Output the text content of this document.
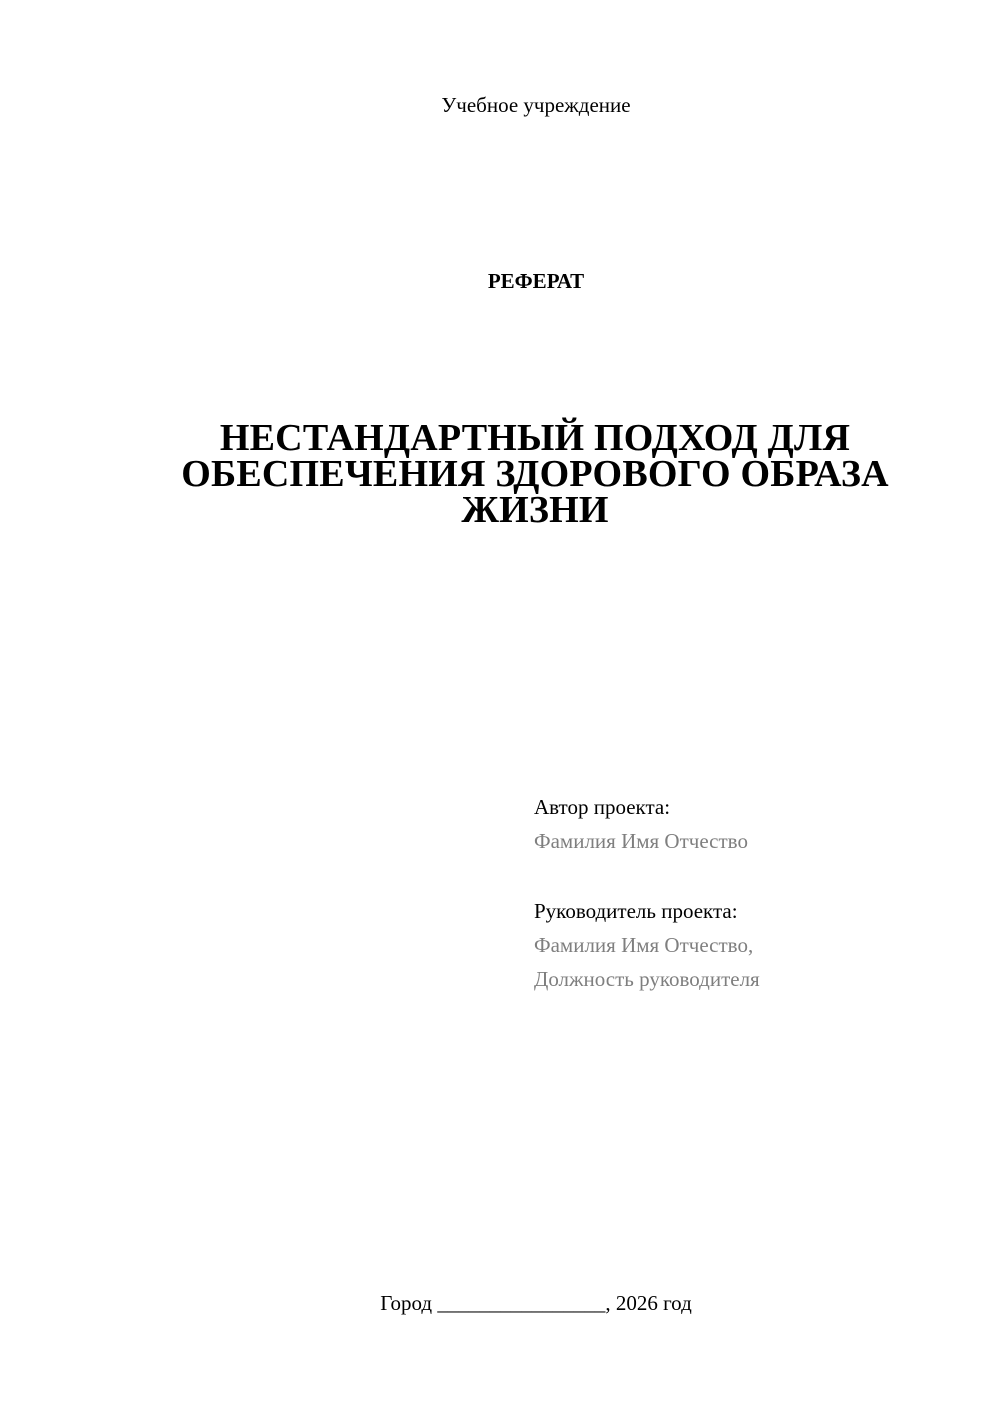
Учебное учреждение
РЕФЕРАТ
НЕСТАНДАРТНЫЙ ПОДХОД ДЛЯ
ОБЕСПЕЧЕНИЯ ЗДОРОВОГО ОБРАЗА
ЖИЗНИ
Автор проекта:
Фамилия Имя Отчество
Руководитель проекта:
Фамилия Имя Отчество,
Должность руководителя
Город ________________, 2026 год
